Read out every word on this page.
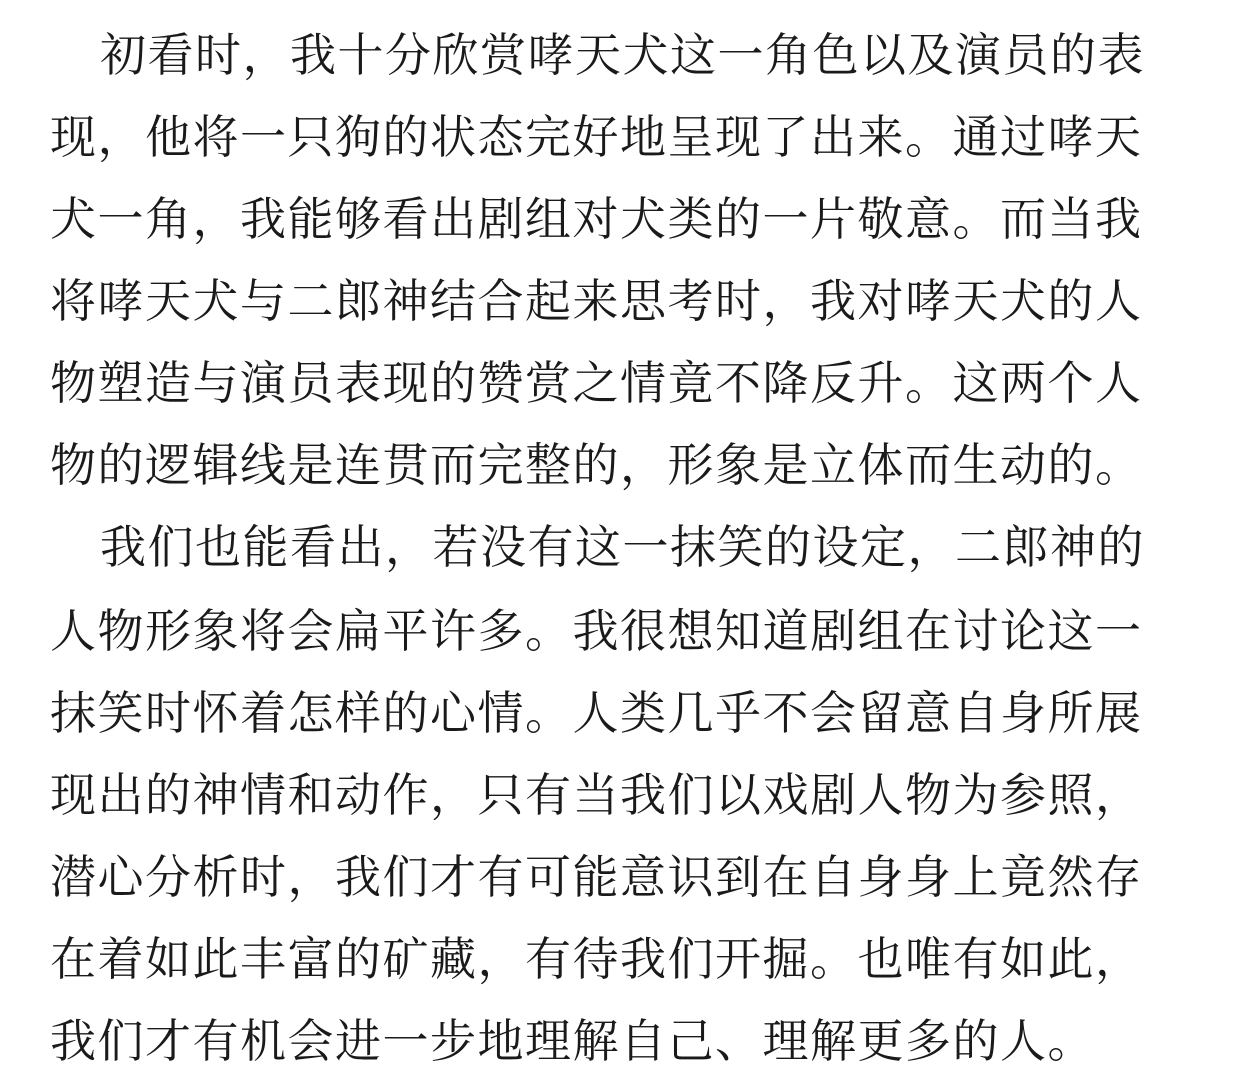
初看时，我十分欣赏哮天犬这一角色以及演员的表
现，他将一只狗的状态完好地呈现了出来。通过哮天
犬一角，我能够看出剧组对犬类的一片敬意。而当我
将哮天犬与二郎神结合起来思考时，我对哮天犬的人
物塑造与演员表现的赞赏之情竟不降反升。这两个人
物的逻辑线是连贯而完整的，形象是立体而生动的。
我们也能看出，若没有这一抹笑的设定，二郎神的
人物形象将会扁平许多。我很想知道剧组在讨论这一
抹笑时怀着怎样的心情。人类几乎不会留意自身所展
现出的神情和动作，只有当我们以戏剧人物为参照，
潜心分析时，我们才有可能意识到在自身身上竟然存
在着如此丰富的矿藏，有待我们开掘。也唯有如此，
我们才有机会进一步地理解自己、理解更多的人。
